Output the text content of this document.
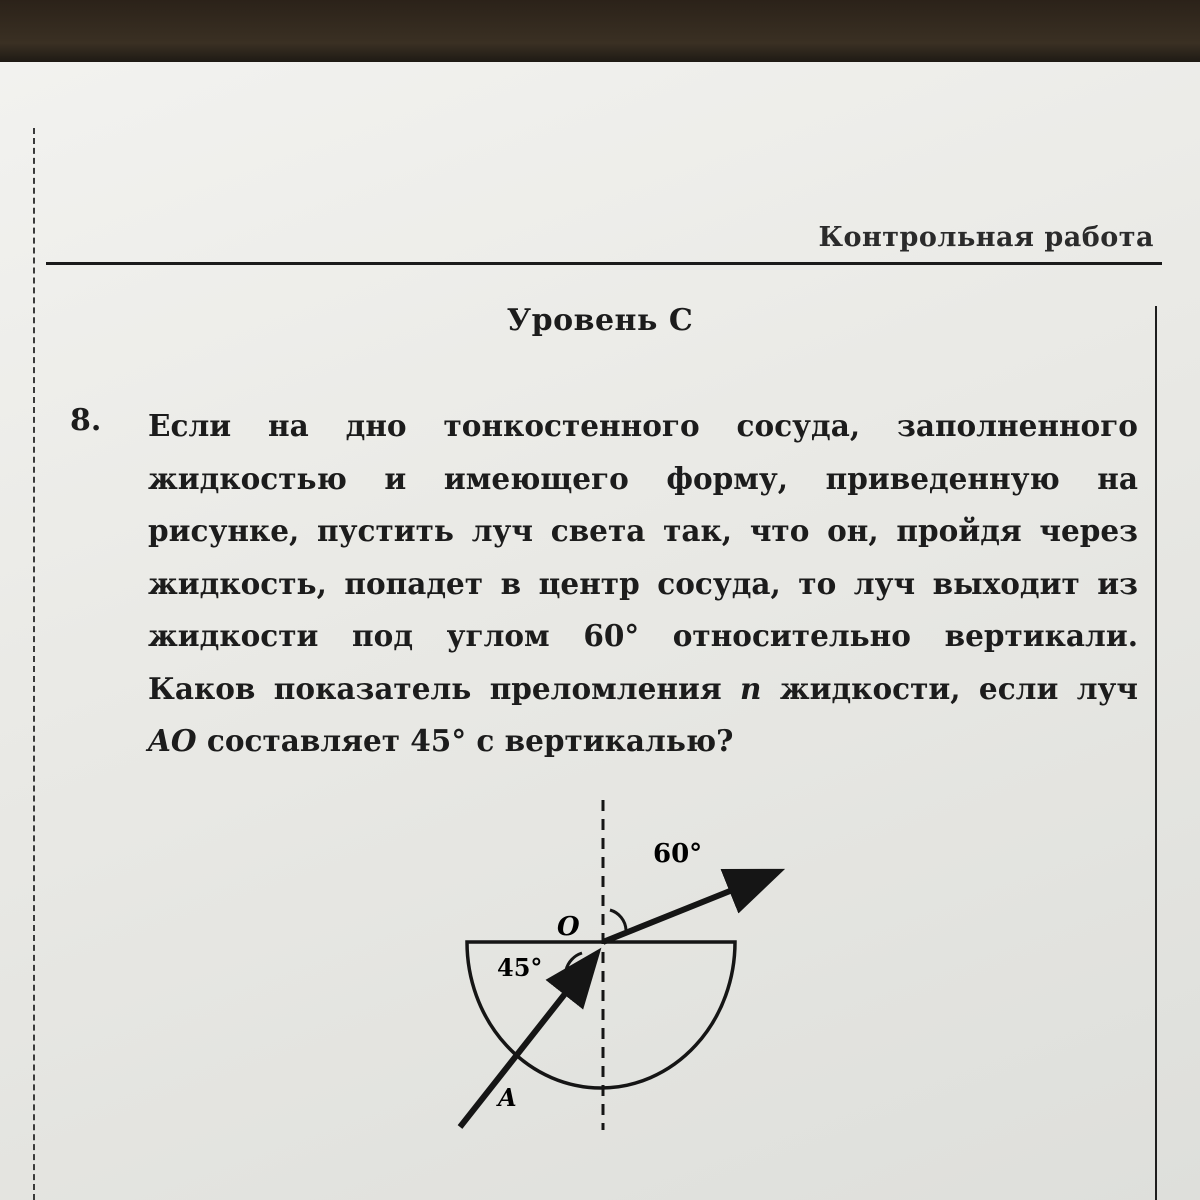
Контрольная работа
Уровень С
8. Если на дно тонкостенного сосуда, заполненного жидкостью и имеющего форму, приведенную на рисунке, пустить луч света так, что он, пройдя через жидкость, попадет в центр сосуда, то луч выходит из жидкости под углом 60° относительно вертикали. Каков показатель преломления n жидкости, если луч AO составляет 45° с вертикалью?
O
A
60°
45°
